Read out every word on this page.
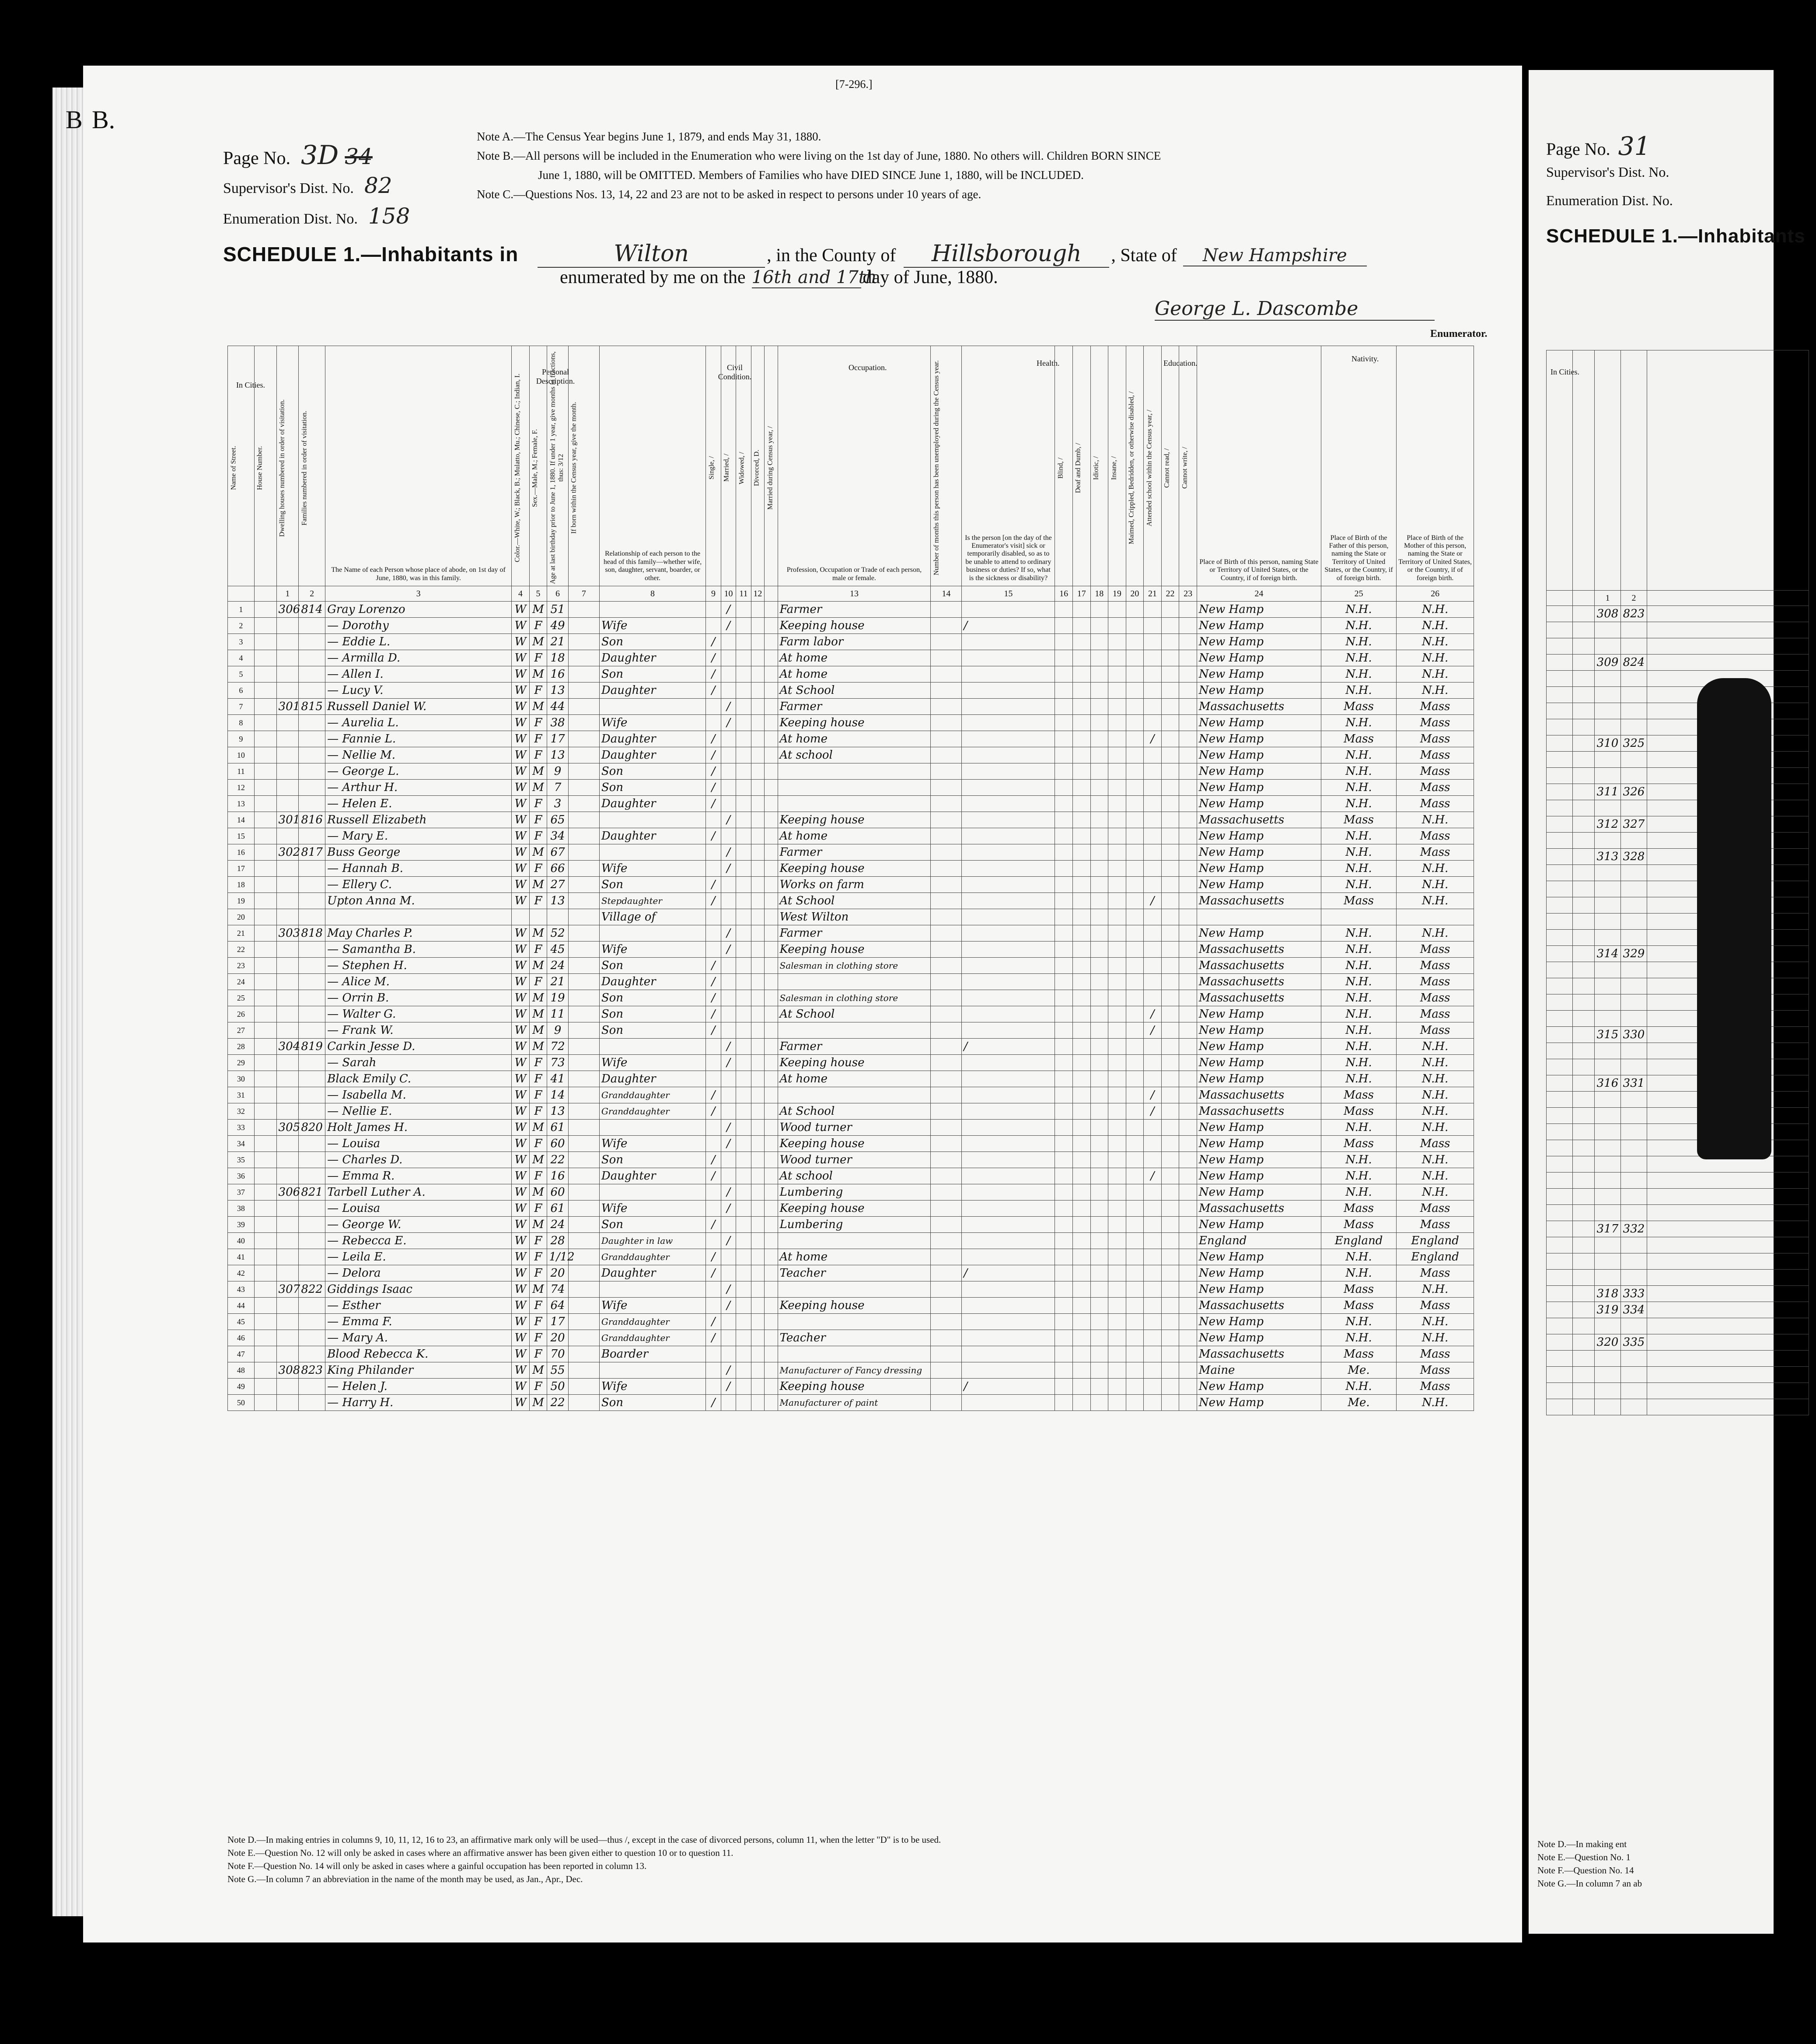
[7-296.]
B B.
Page No. 3D 34
Supervisor's Dist. No. 82
Enumeration Dist. No. 158
Note A.—The Census Year begins June 1, 1879, and ends May 31, 1880.
Note B.—All persons will be included in the Enumeration who were living on the 1st day of June, 1880. No others will. Children BORN SINCE
June 1, 1880, will be OMITTED. Members of Families who have DIED SINCE June 1, 1880, will be INCLUDED.
Note C.—Questions Nos. 13, 14, 22 and 23 are not to be asked in respect to persons under 10 years of age.
SCHEDULE 1.—Inhabitants in	Wilton	, in the County of Hillsborough , State of New Hampshire
enumerated by me on the 16th and 17th day of June, 1880.
George L. Dascombe
Enumerator.
In Cities.
Personal Description.
Civil Condition.
Occupation.	Health.	Education.	Nativity.
Name of Street.	House Number.	Dwelling houses numbered in order of visitation.	Families numbered in order of visitation.	The Name of each Person whose place of abode, on 1st day of June, 1880, was in this family.	Color.—White, W.; Black, B.; Mulatto, Mu.; Chinese, C.; Indian, I.	Sex.—Male, M.; Female, F.	Age at last birthday prior to June 1, 1880. If under 1 year, give months in fractions, thus: 3/12	If born within the Census year, give the month.	Relationship of each person to the head of this family—whether wife, son, daughter, servant, boarder, or other.	Single, /	Married, /	Widowed, /	Divorced, D.	Married during Census year, /	Profession, Occupation or Trade of each person, male or female.	Number of months this person has been unemployed during the Census year.	Is the person [on the day of the Enumerator's visit] sick or temporarily disabled, so as to be unable to attend to ordinary business or duties? If so, what is the sickness or disability?	Blind, /	Deaf and Dumb, /	Idiotic, /	Insane, /	Maimed, Crippled, Bedridden, or otherwise disabled, /	Attended school within the Census year, /	Cannot read, /	Cannot write, /	Place of Birth of this person, naming State or Territory of United States, or the Country, if of foreign birth.	Place of Birth of the Father of this person, naming the State or Territory of United States, or the Country, if of foreign birth.	Place of Birth of the Mother of this person, naming the State or Territory of United States, or the Country, if of foreign birth.
		1	2	3	4	5	6	7	8	9	10	11	12		13	14	15	16	17	18	19	20	21	22	23	24	25	26
1		306	814	Gray Lorenzo	W	M	51				/				Farmer											New Hamp	N.H.	N.H.
2				— Dorothy	W	F	49		Wife		/				Keeping house		/									New Hamp	N.H.	N.H.
3				— Eddie L.	W	M	21		Son	/					Farm labor											New Hamp	N.H.	N.H.
4				— Armilla D.	W	F	18		Daughter	/					At home											New Hamp	N.H.	N.H.
5				— Allen I.	W	M	16		Son	/					At home											New Hamp	N.H.	N.H.
6				— Lucy V.	W	F	13		Daughter	/					At School											New Hamp	N.H.	N.H.
7		301	815	Russell Daniel W.	W	M	44				/				Farmer											Massachusetts	Mass	Mass
8				— Aurelia L.	W	F	38		Wife		/				Keeping house											New Hamp	N.H.	Mass
9				— Fannie L.	W	F	17		Daughter	/					At home								/			New Hamp	Mass	Mass
10				— Nellie M.	W	F	13		Daughter	/					At school											New Hamp	N.H.	Mass
11				— George L.	W	M	9		Son	/																New Hamp	N.H.	Mass
12				— Arthur H.	W	M	7		Son	/																New Hamp	N.H.	Mass
13				— Helen E.	W	F	3		Daughter	/																New Hamp	N.H.	Mass
14		301	816	Russell Elizabeth	W	F	65				/				Keeping house											Massachusetts	Mass	N.H.
15				— Mary E.	W	F	34		Daughter	/					At home											New Hamp	N.H.	Mass
16		302	817	Buss George	W	M	67				/				Farmer											New Hamp	N.H.	Mass
17				— Hannah B.	W	F	66		Wife		/				Keeping house											New Hamp	N.H.	N.H.
18				— Ellery C.	W	M	27		Son	/					Works on farm											New Hamp	N.H.	N.H.
19				Upton Anna M.	W	F	13		Stepdaughter	/					At School								/			Massachusetts	Mass	N.H.
20									Village of						West Wilton													
21		303	818	May Charles P.	W	M	52				/				Farmer											New Hamp	N.H.	N.H.
22				— Samantha B.	W	F	45		Wife		/				Keeping house											Massachusetts	N.H.	Mass
23				— Stephen H.	W	M	24		Son	/					Salesman in clothing store											Massachusetts	N.H.	Mass
24				— Alice M.	W	F	21		Daughter	/																Massachusetts	N.H.	Mass
25				— Orrin B.	W	M	19		Son	/					Salesman in clothing store											Massachusetts	N.H.	Mass
26				— Walter G.	W	M	11		Son	/					At School								/			New Hamp	N.H.	Mass
27				— Frank W.	W	M	9		Son	/													/			New Hamp	N.H.	Mass
28		304	819	Carkin Jesse D.	W	M	72				/				Farmer		/									New Hamp	N.H.	N.H.
29				— Sarah	W	F	73		Wife		/				Keeping house											New Hamp	N.H.	N.H.
30				Black Emily C.	W	F	41		Daughter						At home											New Hamp	N.H.	N.H.
31				— Isabella M.	W	F	14		Granddaughter	/													/			Massachusetts	Mass	N.H.
32				— Nellie E.	W	F	13		Granddaughter	/					At School								/			Massachusetts	Mass	N.H.
33		305	820	Holt James H.	W	M	61				/				Wood turner											New Hamp	N.H.	N.H.
34				— Louisa	W	F	60		Wife		/				Keeping house											New Hamp	Mass	Mass
35				— Charles D.	W	M	22		Son	/					Wood turner											New Hamp	N.H.	N.H.
36				— Emma R.	W	F	16		Daughter	/					At school								/			New Hamp	N.H.	N.H.
37		306	821	Tarbell Luther A.	W	M	60				/				Lumbering											New Hamp	N.H.	N.H.
38				— Louisa	W	F	61		Wife		/				Keeping house											Massachusetts	Mass	Mass
39				— George W.	W	M	24		Son	/					Lumbering											New Hamp	Mass	Mass
40				— Rebecca E.	W	F	28		Daughter in law		/															England	England	England
41				— Leila E.	W	F	1/12		Granddaughter	/					At home											New Hamp	N.H.	England
42				— Delora	W	F	20		Daughter	/					Teacher		/									New Hamp	N.H.	Mass
43		307	822	Giddings Isaac	W	M	74				/															New Hamp	Mass	N.H.
44				— Esther	W	F	64		Wife		/				Keeping house											Massachusetts	Mass	Mass
45				— Emma F.	W	F	17		Granddaughter	/																New Hamp	N.H.	N.H.
46				— Mary A.	W	F	20		Granddaughter	/					Teacher											New Hamp	N.H.	N.H.
47				Blood Rebecca K.	W	F	70		Boarder																	Massachusetts	Mass	Mass
48		308	823	King Philander	W	M	55				/				Manufacturer of Fancy dressing											Maine	Me.	Mass
49				— Helen J.	W	F	50		Wife		/				Keeping house		/									New Hamp	N.H.	Mass
50				— Harry H.	W	M	22		Son	/					Manufacturer of paint											New Hamp	Me.	N.H.
Note D.—In making entries in columns 9, 10, 11, 12, 16 to 23, an affirmative mark only will be used—thus /, except in the case of divorced persons, column 11, when the letter "D" is to be used.
Note E.—Question No. 12 will only be asked in cases where an affirmative answer has been given either to question 10 or to question 11.
Note F.—Question No. 14 will only be asked in cases where a gainful occupation has been reported in column 13.
Note G.—In column 7 an abbreviation in the name of the month may be used, as Jan., Apr., Dec.
Page No. 31
Supervisor's Dist. No.
Enumeration Dist. No.
SCHEDULE 1.—Inhabitants
In Cities.

		1	2	
		308	823	

		309	824	

		310	325	

		311	326	

		312	327	

		313	328	

		314	329	

		315	330	

		316	331	

		317	332	

		318	333	
		319	334	

		320	335	

Note D.—In making ent
Note E.—Question No. 1
Note F.—Question No. 14
Note G.—In column 7 an ab
